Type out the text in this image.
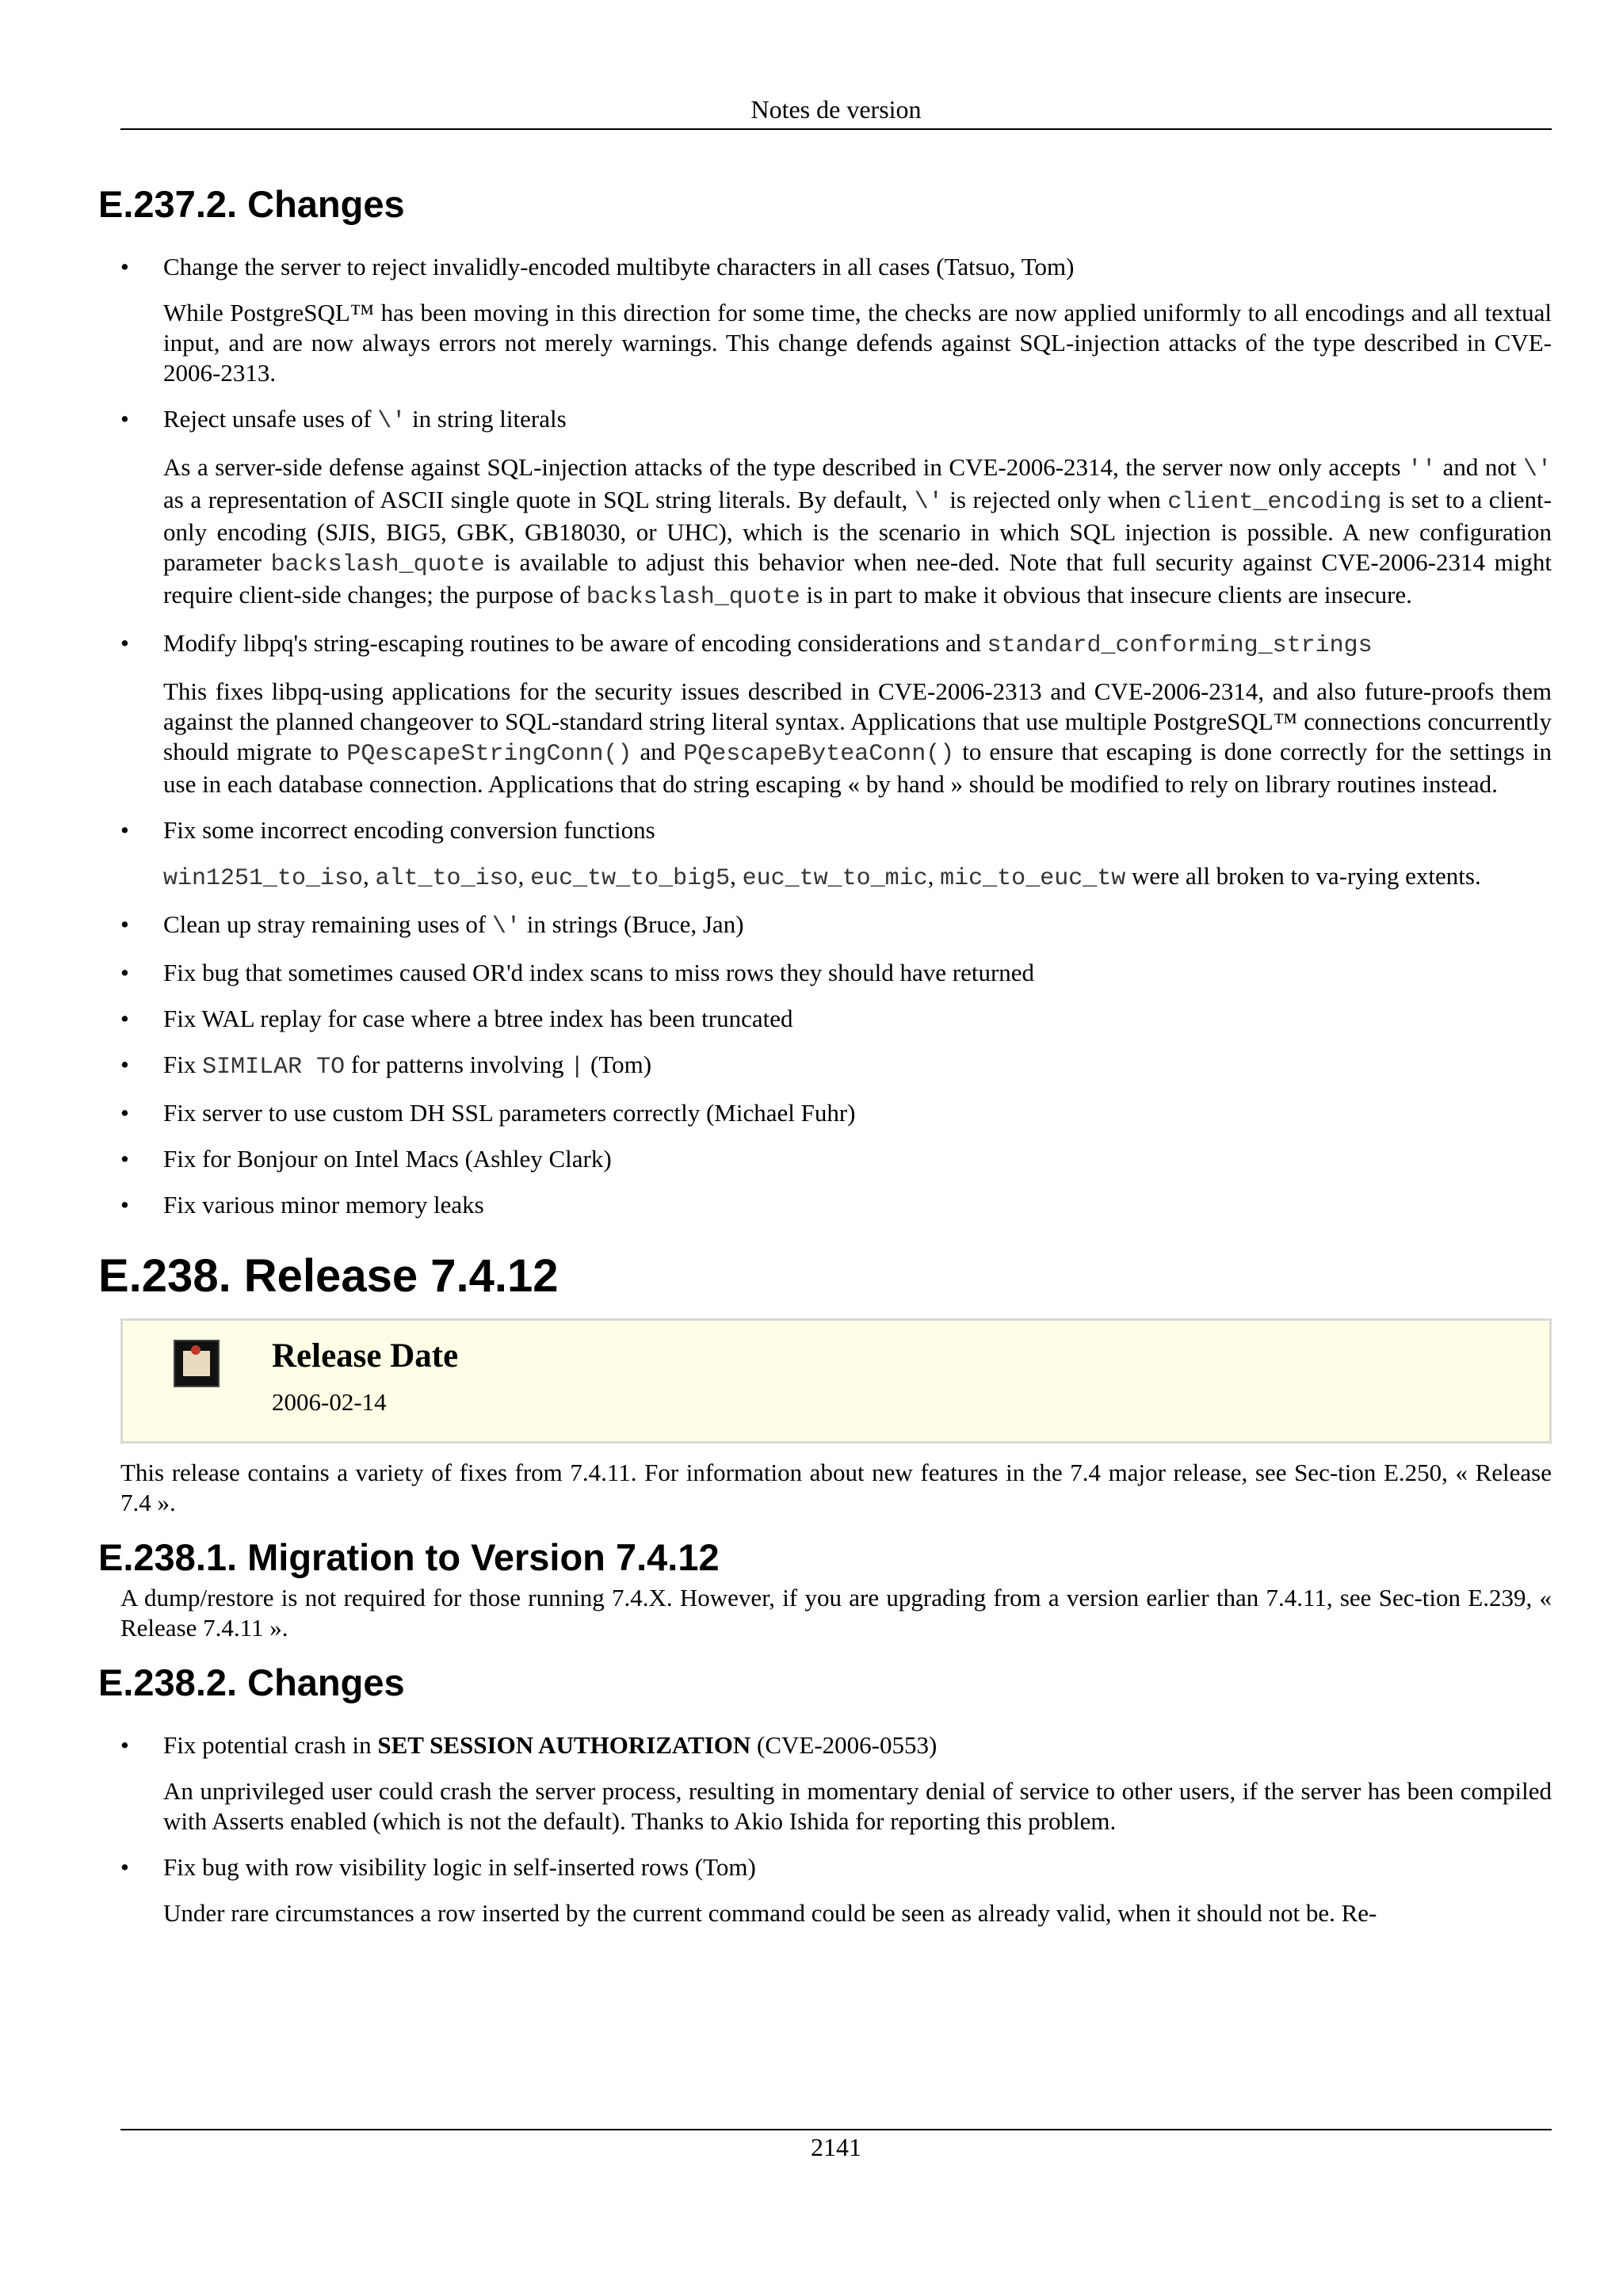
Notes de version
E.237.2. Changes
• Change the server to reject invalidly-encoded multibyte characters in all cases (Tatsuo, Tom)

While PostgreSQL™ has been moving in this direction for some time, the checks are now applied uniformly to all encodings and all textual input, and are now always errors not merely warnings. This change defends against SQL-injection attacks of the type described in CVE-2006-2313.

• Reject unsafe uses of \' in string literals

As a server-side defense against SQL-injection attacks of the type described in CVE-2006-2314, the server now only accepts '' and not \' as a representation of ASCII single quote in SQL string literals. By default, \' is rejected only when client_encoding is set to a client-only encoding (SJIS, BIG5, GBK, GB18030, or UHC), which is the scenario in which SQL injection is possible. A new configuration parameter backslash_quote is available to adjust this behavior when nee-ded. Note that full security against CVE-2006-2314 might require client-side changes; the purpose of backslash_quote is in part to make it obvious that insecure clients are insecure.

• Modify libpq's string-escaping routines to be aware of encoding considerations and standard_conforming_strings

This fixes libpq-using applications for the security issues described in CVE-2006-2313 and CVE-2006-2314, and also future-proofs them against the planned changeover to SQL-standard string literal syntax. Applications that use multiple PostgreSQL™ connections concurrently should migrate to PQescapeStringConn() and PQescapeByteaConn() to ensure that escaping is done correctly for the settings in use in each database connection. Applications that do string escaping « by hand » should be modified to rely on library routines instead.

• Fix some incorrect encoding conversion functions

win1251_to_iso, alt_to_iso, euc_tw_to_big5, euc_tw_to_mic, mic_to_euc_tw were all broken to va-rying extents.

• Clean up stray remaining uses of \' in strings (Bruce, Jan)

• Fix bug that sometimes caused OR'd index scans to miss rows they should have returned

• Fix WAL replay for case where a btree index has been truncated

• Fix SIMILAR TO for patterns involving | (Tom)

• Fix server to use custom DH SSL parameters correctly (Michael Fuhr)

• Fix for Bonjour on Intel Macs (Ashley Clark)

• Fix various minor memory leaks

E.238. Release 7.4.12
Release Date
2006-02-14

This release contains a variety of fixes from 7.4.11. For information about new features in the 7.4 major release, see Sec-tion E.250, « Release 7.4 ».

E.238.1. Migration to Version 7.4.12

A dump/restore is not required for those running 7.4.X. However, if you are upgrading from a version earlier than 7.4.11, see Sec-tion E.239, « Release 7.4.11 ».

E.238.2. Changes
• Fix potential crash in SET SESSION AUTHORIZATION (CVE-2006-0553)

An unprivileged user could crash the server process, resulting in momentary denial of service to other users, if the server has been compiled with Asserts enabled (which is not the default). Thanks to Akio Ishida for reporting this problem.

• Fix bug with row visibility logic in self-inserted rows (Tom)

Under rare circumstances a row inserted by the current command could be seen as already valid, when it should not be. Re-

2141
